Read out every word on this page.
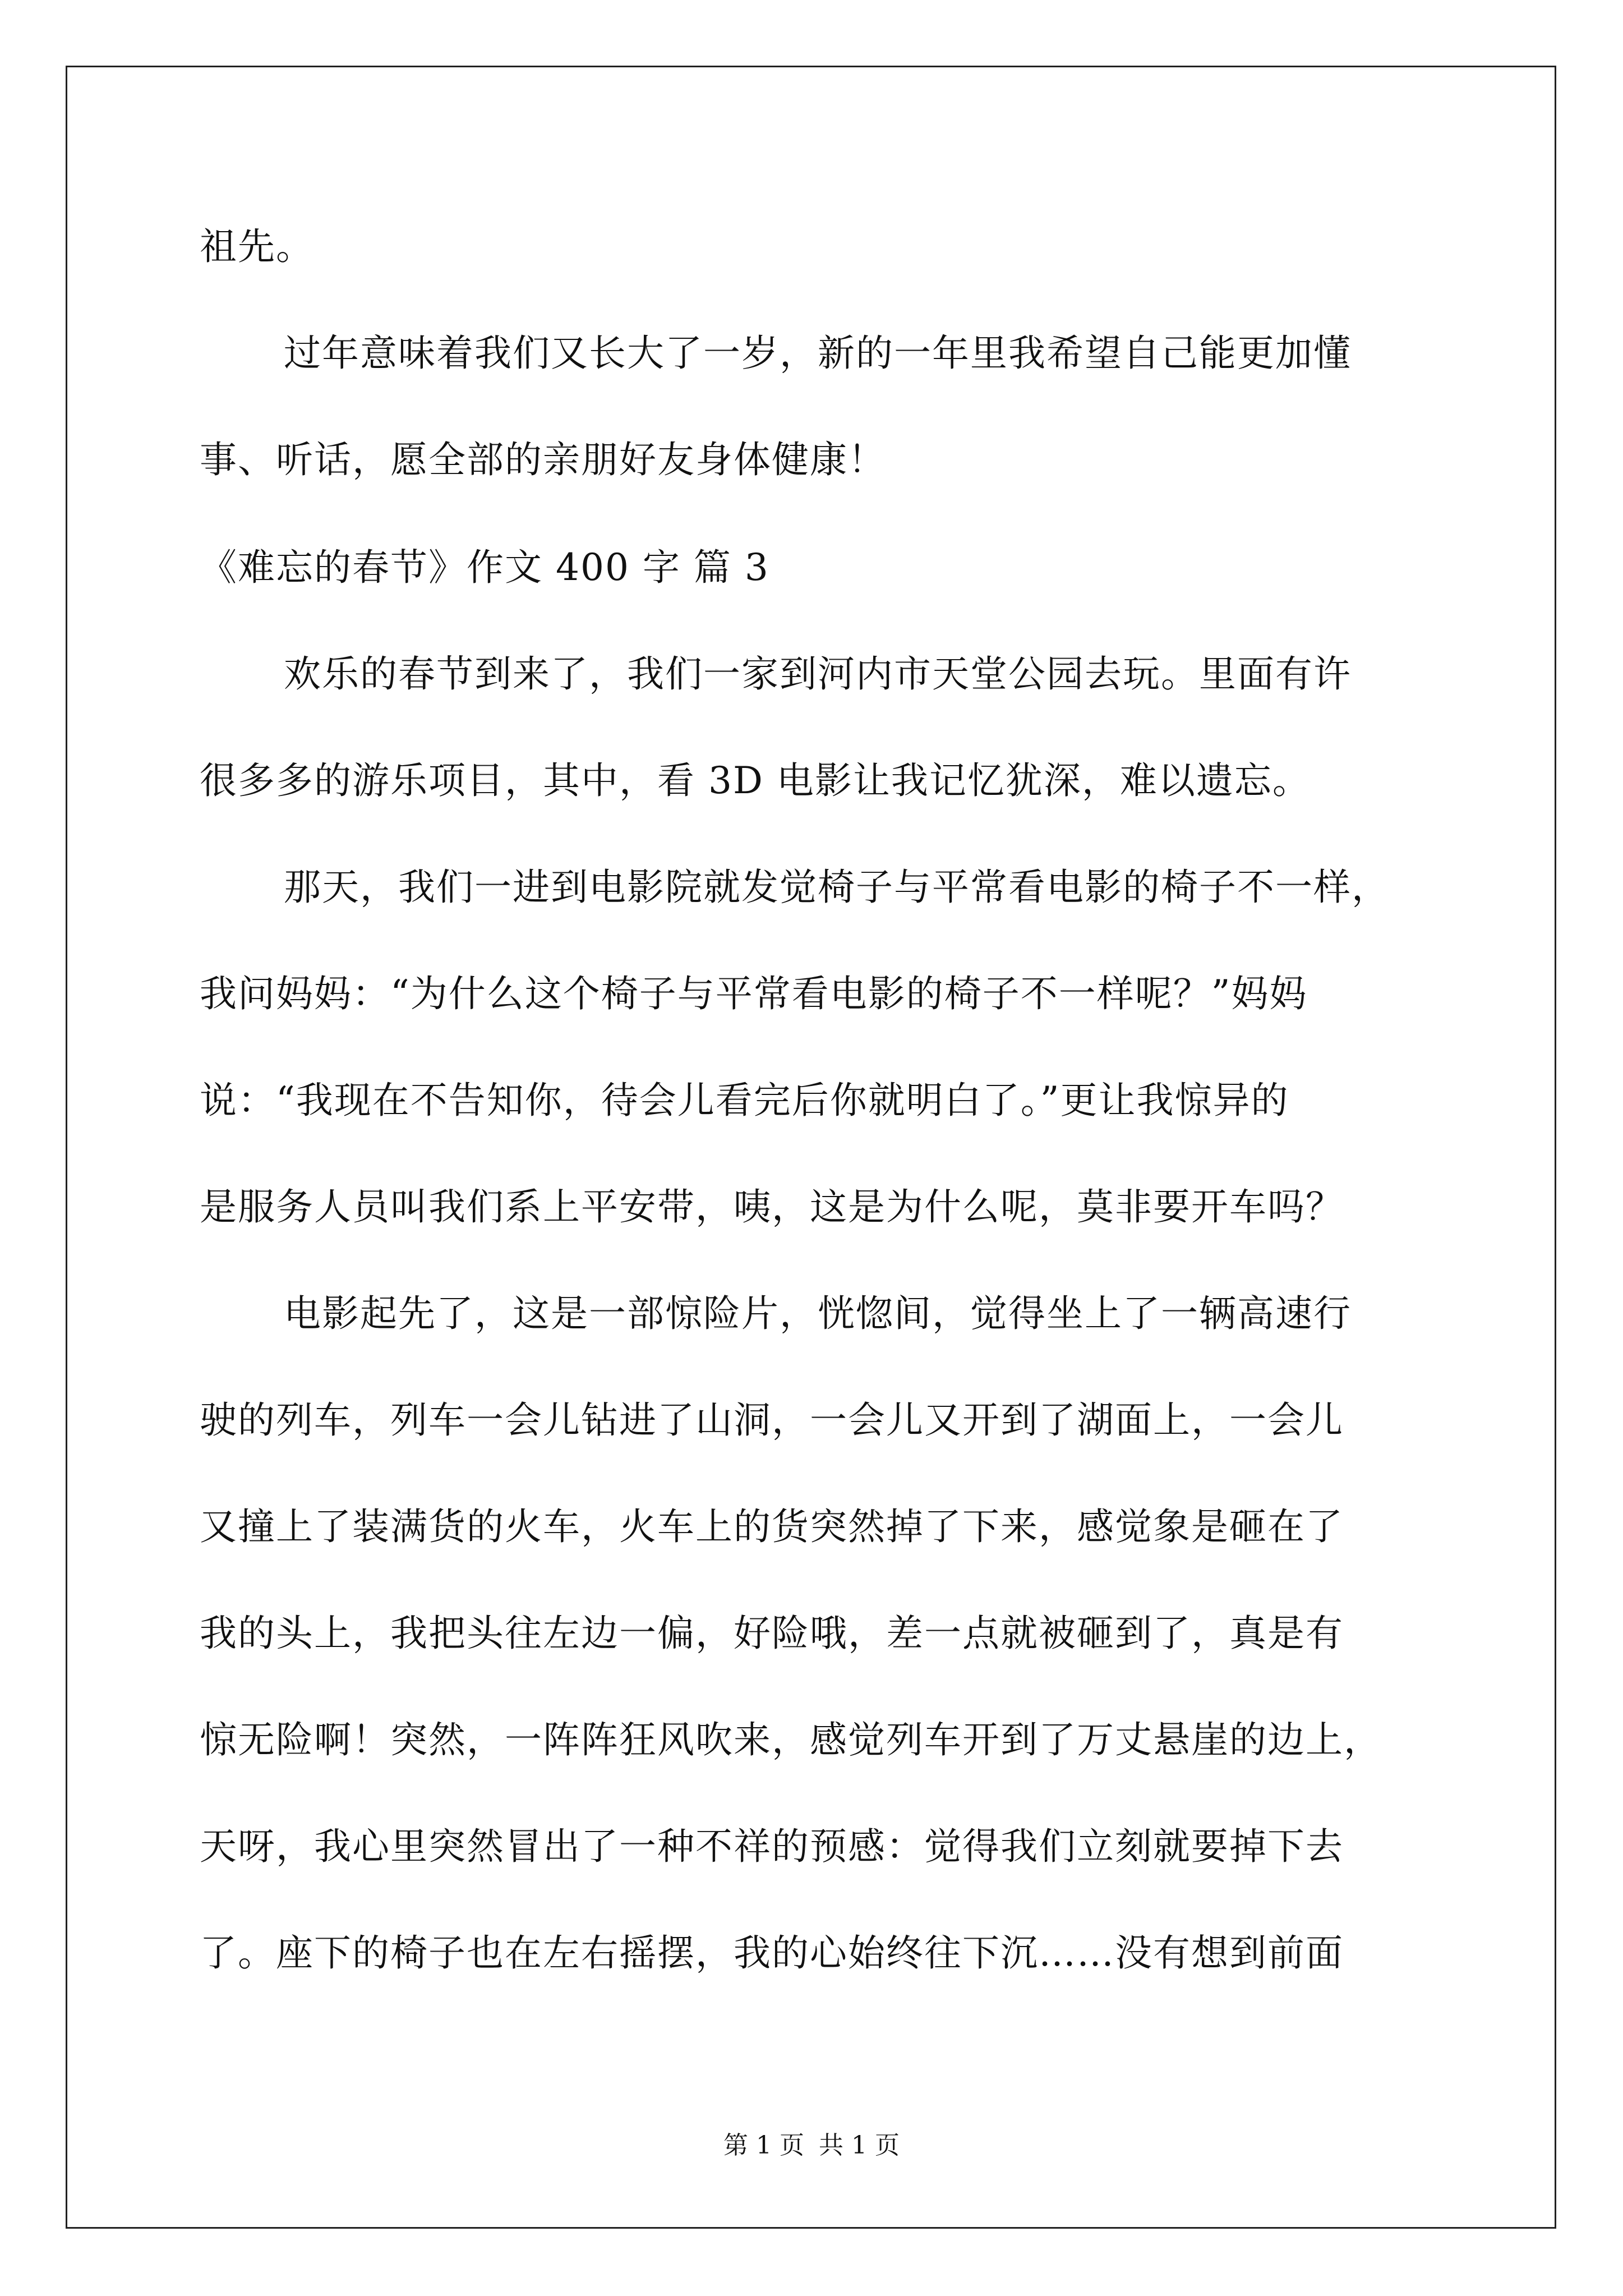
祖先。
过年意味着我们又长大了一岁，新的一年里我希望自己能更加懂
事、听话，愿全部的亲朋好友身体健康！
《难忘的春节》作文 400 字 篇 3
欢乐的春节到来了，我们一家到河内市天堂公园去玩。里面有许
很多多的游乐项目，其中，看 3D 电影让我记忆犹深，难以遗忘。
那天，我们一进到电影院就发觉椅子与平常看电影的椅子不一样，
我问妈妈：“为什么这个椅子与平常看电影的椅子不一样呢？”妈妈
说：“我现在不告知你，待会儿看完后你就明白了。”更让我惊异的
是服务人员叫我们系上平安带，咦，这是为什么呢，莫非要开车吗？
电影起先了，这是一部惊险片，恍惚间，觉得坐上了一辆高速行
驶的列车，列车一会儿钻进了山洞，一会儿又开到了湖面上，一会儿
又撞上了装满货的火车，火车上的货突然掉了下来，感觉象是砸在了
我的头上，我把头往左边一偏，好险哦，差一点就被砸到了，真是有
惊无险啊！突然，一阵阵狂风吹来，感觉列车开到了万丈悬崖的边上，
天呀，我心里突然冒出了一种不祥的预感：觉得我们立刻就要掉下去
了。座下的椅子也在左右摇摆，我的心始终往下沉……没有想到前面
第 1 页 共 1 页
